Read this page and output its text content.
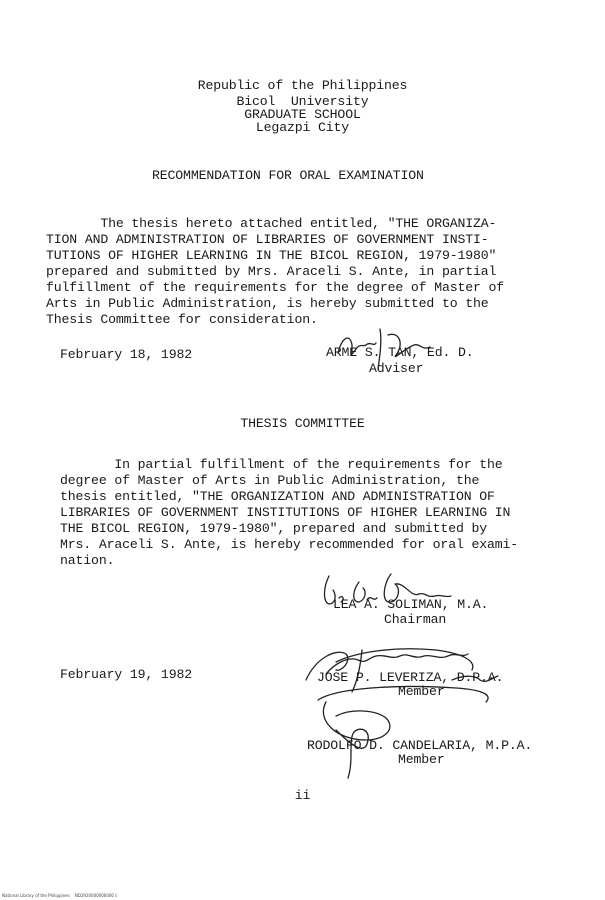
Republic of the Philippines
Bicol  University
GRADUATE SCHOOL
Legazpi City
RECOMMENDATION FOR ORAL EXAMINATION
The thesis hereto attached entitled, "THE ORGANIZA-
TION AND ADMINISTRATION OF LIBRARIES OF GOVERNMENT INSTI-
TUTIONS OF HIGHER LEARNING IN THE BICOL REGION, 1979-1980"
prepared and submitted by Mrs. Araceli S. Ante, in partial
fulfillment of the requirements for the degree of Master of
Arts in Public Administration, is hereby submitted to the
Thesis Committee for consideration.
February 18, 1982	ARME S. TAN, Ed. D.
Adviser
THESIS COMMITTEE
In partial fulfillment of the requirements for the
degree of Master of Arts in Public Administration, the
thesis entitled, "THE ORGANIZATION AND ADMINISTRATION OF
LIBRARIES OF GOVERNMENT INSTITUTIONS OF HIGHER LEARNING IN
THE BICOL REGION, 1979-1980", prepared and submitted by
Mrs. Araceli S. Ante, is hereby recommended for oral exami-
nation.
LEA A. SOLIMAN, M.A.
Chairman
February 19, 1982	JOSE P. LEVERIZA, D.P.A.
Member
RODOLFO D. CANDELARIA, M.P.A.
Member
ii
National Library of the Philippines    ND2920000000000 ii
